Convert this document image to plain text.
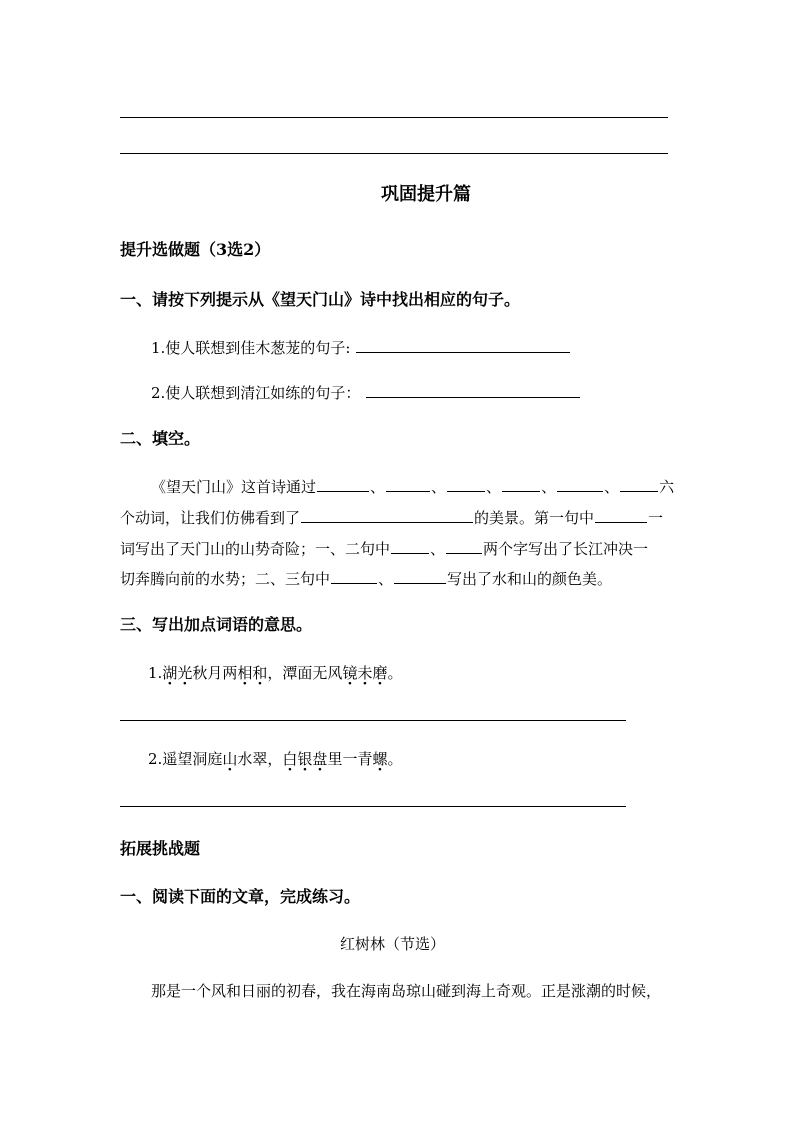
巩固提升篇
提升选做题（3选2）
一、请按下列提示从《望天门山》诗中找出相应的句子。
1.使人联想到佳木葱茏的句子:
2.使人联想到清江如练的句子：
二、填空。
《望天门山》这首诗通过	、	、	、	、	、	六
个动词，让我们仿佛看到了	的美景。第一句中	一
词写出了天门山的山势奇险；一、二句中	、	两个字写出了长江冲决一
切奔腾向前的水势；二、三句中	、	写出了水和山的颜色美。
三、写出加点词语的意思。
1.湖光秋月两相和，潭面无风镜未磨。
2.遥望洞庭山水翠，白银盘里一青螺。
拓展挑战题
一、阅读下面的文章，完成练习。
红树林（节选）
那是一个风和日丽的初春，我在海南岛琼山碰到海上奇观。正是涨潮的时候，
